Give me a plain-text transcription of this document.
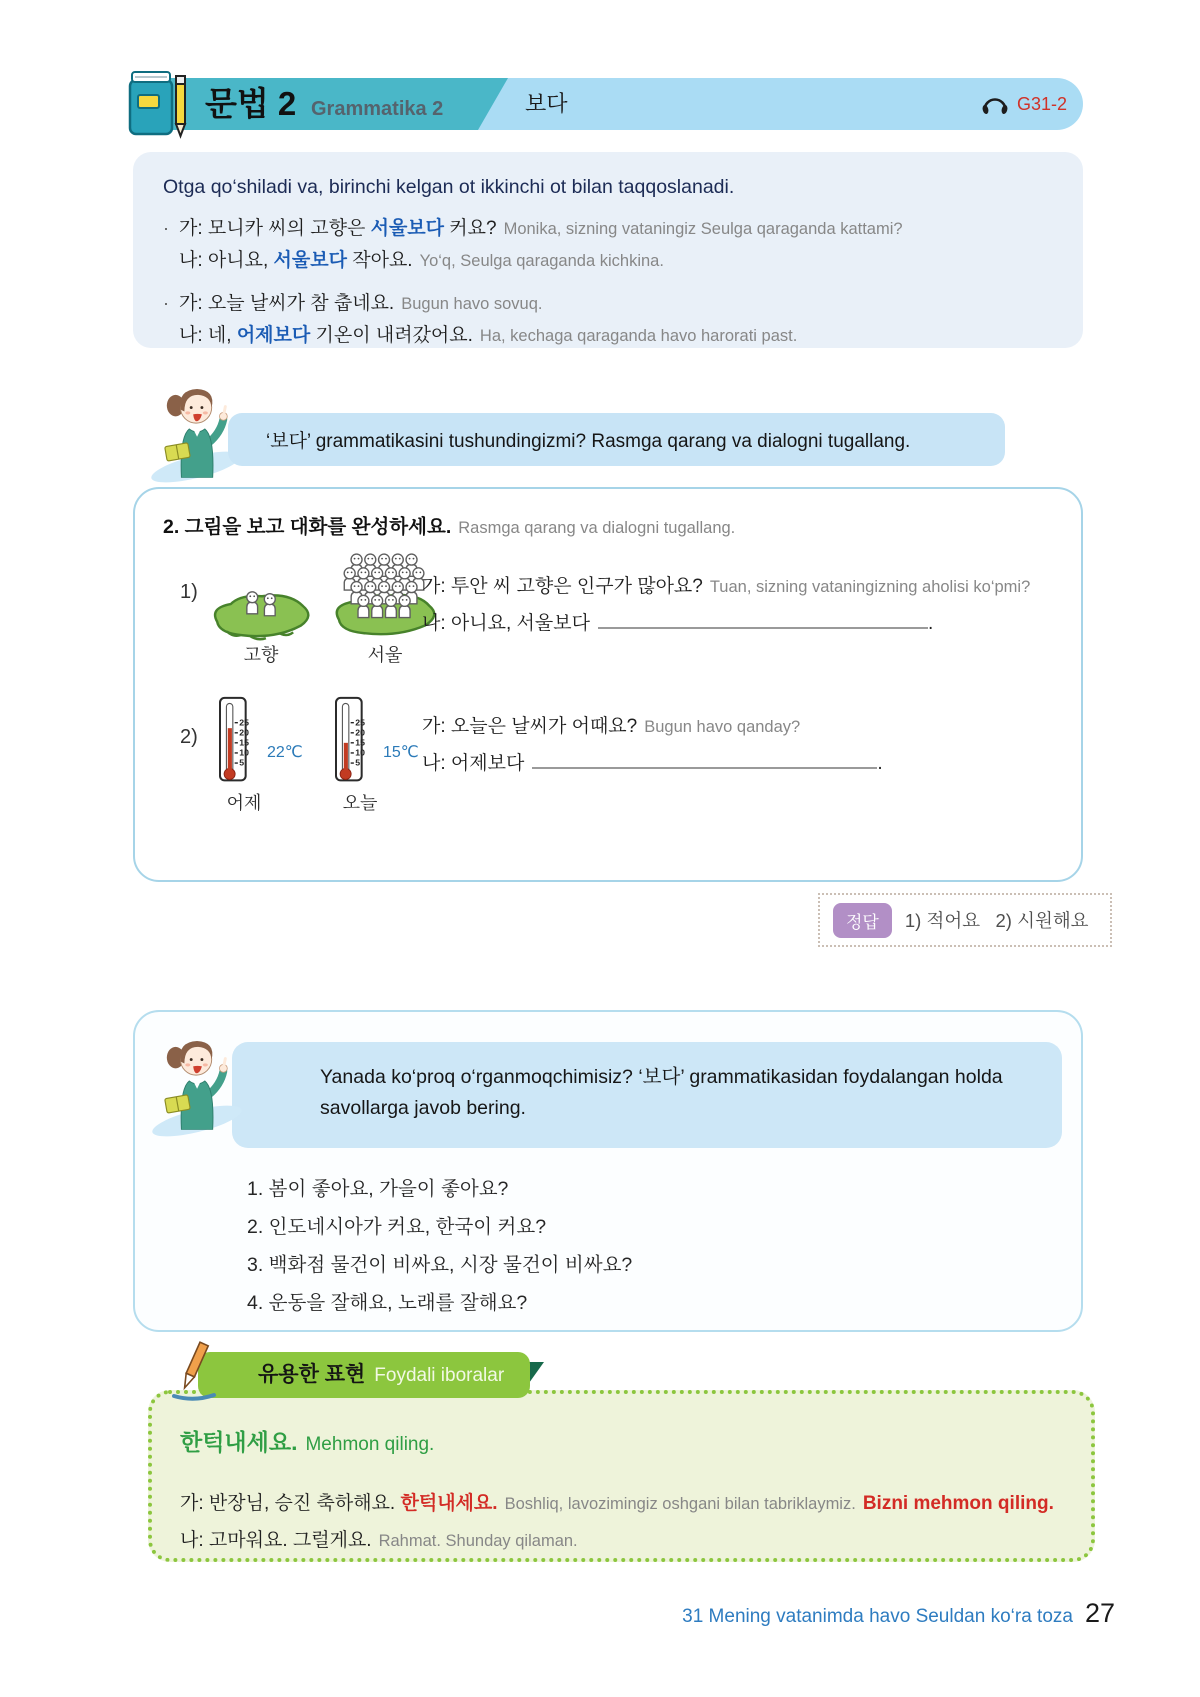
문법 2 Grammatika 2	보다	G31-2
Otga qo‘shiladi va, birinchi kelgan ot ikkinchi ot bilan taqqoslanadi.
· 가: 모니카 씨의 고향은 서울보다 커요? Monika, sizning vataningiz Seulga qaraganda kattami?
나: 아니요, 서울보다 작아요. Yo‘q, Seulga qaraganda kichkina.
· 가: 오늘 날씨가 참 춥네요. Bugun havo sovuq.
나: 네, 어제보다 기온이 내려갔어요. Ha, kechaga qaraganda havo harorati past.
‘보다’ grammatikasini tushundingizmi? Rasmga qarang va dialogni tugallang.
2. 그림을 보고 대화를 완성하세요. Rasmga qarang va dialogni tugallang.
1)
고향	서울
가: 투안 씨 고향은 인구가 많아요? Tuan, sizning vataningizning aholisi ko‘pmi?
나: 아니요, 서울보다	.
2)
25
20
15
10
5
22℃
25
20
15
10
5
15℃
어제	오늘
가: 오늘은 날씨가 어때요? Bugun havo qanday?
나: 어제보다	.
정답	1) 적어요   2) 시원해요
Yanada ko‘proq o‘rganmoqchimisiz? ‘보다’ grammatikasidan foydalangan holda savollarga javob bering.
1. 봄이 좋아요, 가을이 좋아요?
2. 인도네시아가 커요, 한국이 커요?
3. 백화점 물건이 비싸요, 시장 물건이 비싸요?
4. 운동을 잘해요, 노래를 잘해요?
유용한 표현 Foydali iboralar
한턱내세요. Mehmon qiling.
가: 반장님, 승진 축하해요. 한턱내세요. Boshliq, lavozimingiz oshgani bilan tabriklaymiz. Bizni mehmon qiling.
나: 고마워요. 그럴게요. Rahmat. Shunday qilaman.
31 Mening vatanimda havo Seuldan ko‘ra toza 27
